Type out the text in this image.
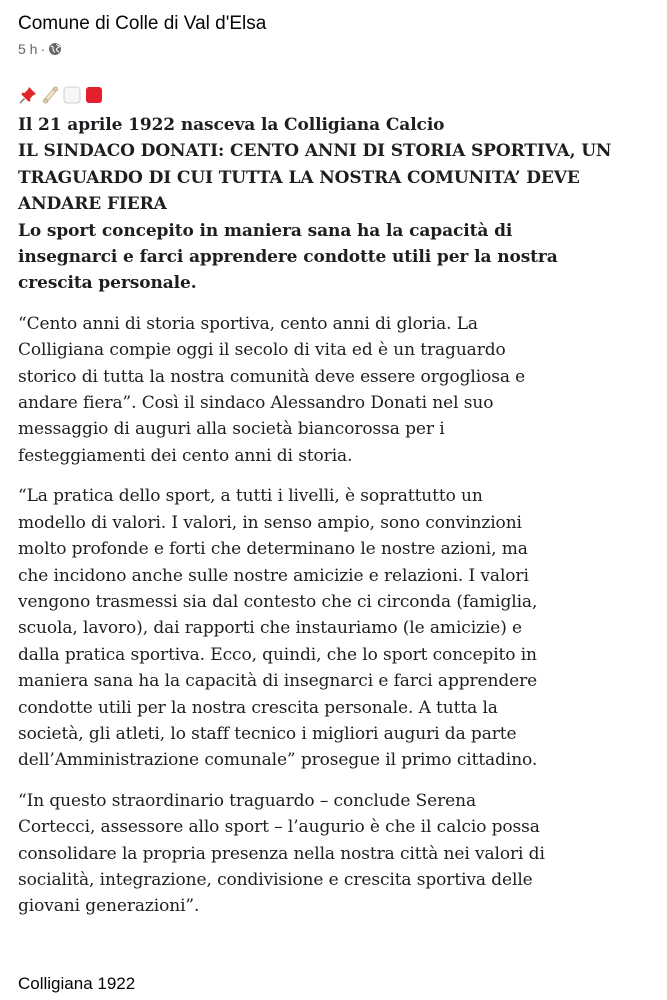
Comune di Colle di Val d'Elsa
5 h ·
Il 21 aprile 1922 nasceva la Colligiana Calcio
IL SINDACO DONATI: CENTO ANNI DI STORIA SPORTIVA, UN
TRAGUARDO DI CUI TUTTA LA NOSTRA COMUNITA’ DEVE
ANDARE FIERA
Lo sport concepito in maniera sana ha la capacità di
insegnarci e farci apprendere condotte utili per la nostra
crescita personale.
“Cento anni di storia sportiva, cento anni di gloria. La
Colligiana compie oggi il secolo di vita ed è un traguardo
storico di tutta la nostra comunità deve essere orgogliosa e
andare fiera”. Così il sindaco Alessandro Donati nel suo
messaggio di auguri alla società biancorossa per i
festeggiamenti dei cento anni di storia.
“La pratica dello sport, a tutti i livelli, è soprattutto un
modello di valori. I valori, in senso ampio, sono convinzioni
molto profonde e forti che determinano le nostre azioni, ma
che incidono anche sulle nostre amicizie e relazioni. I valori
vengono trasmessi sia dal contesto che ci circonda (famiglia,
scuola, lavoro), dai rapporti che instauriamo (le amicizie) e
dalla pratica sportiva. Ecco, quindi, che lo sport concepito in
maniera sana ha la capacità di insegnarci e farci apprendere
condotte utili per la nostra crescita personale. A tutta la
società, gli atleti, lo staff tecnico i migliori auguri da parte
dell’Amministrazione comunale” prosegue il primo cittadino.
“In questo straordinario traguardo – conclude Serena
Cortecci, assessore allo sport – l’augurio è che il calcio possa
consolidare la propria presenza nella nostra città nei valori di
socialità, integrazione, condivisione e crescita sportiva delle
giovani generazioni”.
Colligiana 1922
